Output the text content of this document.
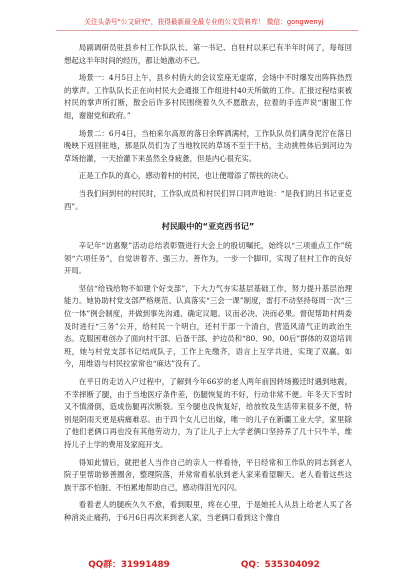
关注头条号"公文研究"，获得最新最全最专业的公文资料库！ 微信：gongwenyj

局副调研员驻县乡村工作队队长、第一书记、自驻村以来已有半年时间了，每每回想起这半年时间的经历，都让她激动不已。

场景一：4月5日上午，县乡村俏大的会议室座无虚席，会场中不时爆发出阵阵热烈的掌声。工作队队长正在向村民大会通报工作组进村40天所做的工作。汇报过程结束被村民的掌声所打断，散会后许多村民围绕着久久不愿散去，拉着的手连声说“谢谢工作组，谢谢党和政府。”

场景二：6月4日，当柏来尔高原的落日余晖洒满村，工作队队员们满身泥泞在落日晚映下返回驻地，那是队员们为了当地牧民的草场不至于干枯，主动挑牲体后到河边为草场抬灌，一天抬灌下来虽然全身疲惫，但是内心很充实。

正是工作队的真心，感动着村的村民，也让便增添了帮扶的决心。

当我们问到村的村民时，工作队成员和村民们异口同声地说：“是我们的吕书记亚克西”。

村民眼中的“亚克西书记”

辛记年“访惠聚”活动总结表彰暨进行大会上的殷切嘱托，始终以“三项重点工作”统领“六项任务”，自觉讲着齐、强三力、善作为，一步一个脚印，实现了驻村工作的良好开局。

坚信“给钱给物不如建个好支部”，下大力气夯实基层基础工作，努力提升基层治理能力。她协助村党支部严格规范、认真落实“三会一课”制度，雷打不动坚持每周一次“三位一体”例会制度，并做到事先沟通、确定议题、议而必决、决而必果。督促帮助村两委及时进行“三务”公开，给村民一个明白，还村干部一个清白，营造风清气正的政治生态。克服困难创办了面向村干部、后备干部、护边员和“80、90、00后”群体的双语培训班，她与村党支部书记结成队子，工作上先缴齐，语言上互学共进，实现了双赢。如今，用维语与村民拉家常也“麻达”没有了。

在平日的走访入户过程中，了解到今年66岁的老人两年前因转场搬迁时遇到地震，不幸摔断了腿，由于当地医疗条件差，伤腿恢复的不好，行动非常不便。年冬天下雪时又不慎滑倒，造成伤腿再次断裂。至今腿也没恢复好，给放牧及生活带来很多不便，特别是阴雨天更是病痛难忍。由于四个女儿已出嫁，唯一的儿子在新疆工业大学，家里除了他们老俩口再也没有其他劳动力，为了让儿子上大学老俩口坚持养了几十只牛羊，维持儿子上学的费用及家庭开支。

得知此情后，就把老人当作自己的亲人一样看待，平日经常和工作队的同志到老人院子里帮助修善圈舍，整理院落，并常常看私驮到老人家来看望聊天。老人看着这些这族干部不怕脏、不怕累地帮助自己，感动得泪光闪闪。

看着老人的腿疾久久不愈，看到眼里，疼在心里，于是她托人从县上给老人买了各种消炎止痛药，于6月6日再次来到老人家，当老俩口看到这个像自

QQ群：31991489	QQ：535304092
